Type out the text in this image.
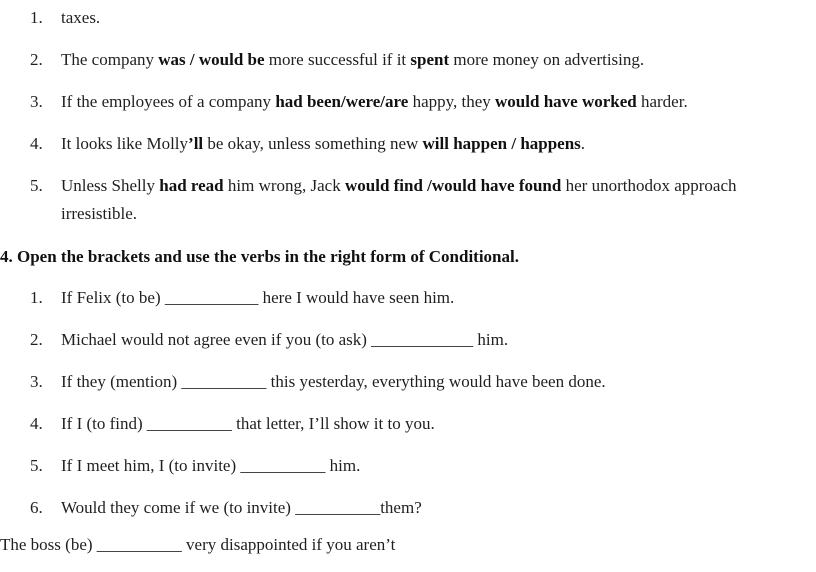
1.	taxes.
2.	The company was / would be more successful if it spent more money on advertising.
3.	If the employees of a company had been/were/are happy, they would have worked harder.
4.	It looks like Molly’ll be okay, unless something new will happen / happens.
5.	Unless Shelly had read him wrong, Jack would find /would have found her unorthodox approach
irresistible.
4. Open the brackets and use the verbs in the right form of Conditional.
1.	If Felix (to be) ___________ here I would have seen him.
2.	Michael would not agree even if you (to ask) ____________ him.
3.	If they (mention) __________ this yesterday, everything would have been done.
4.	If I (to find) __________ that letter, I’ll show it to you.
5.	If I meet him, I (to invite) __________ him.
6.	Would they come if we (to invite) __________them?
The boss (be) __________ very disappointed if you aren’t
